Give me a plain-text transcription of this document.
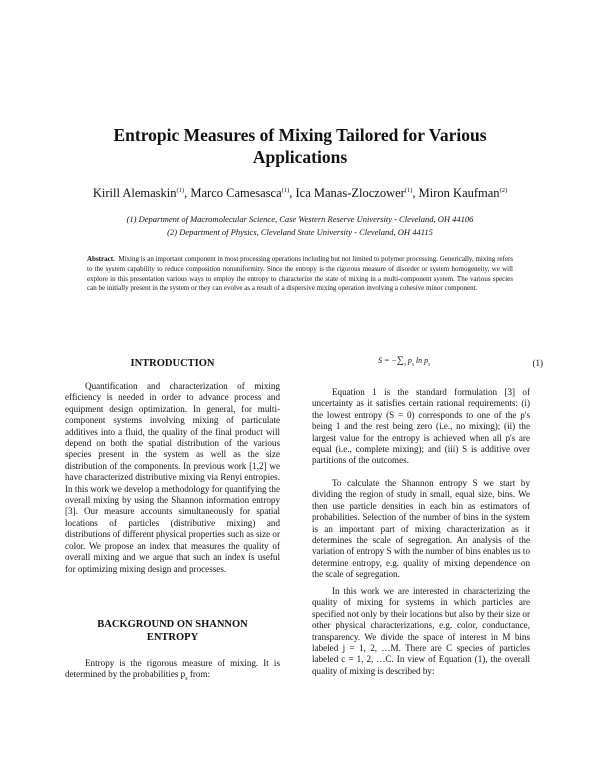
Entropic Measures of Mixing Tailored for Various
Applications
Kirill Alemaskin$^{(1)}$, Marco Camesasca$^{(1)}$, Ica Manas-Zloczower$^{(1)}$, Miron Kaufman$^{(2)}$
(1) Department of Macromolecular Science, Case Western Reserve University - Cleveland, OH 44106
(2) Department of Physics, Cleveland State University - Cleveland, OH 44115
Abstract. Mixing is an important component in most processing operations including but not limited to polymer processing. Generically, mixing refers to the system capability to reduce composition nonuniformity. Since the entropy is the rigorous measure of disorder or system homogeneity, we will explore in this presentation various ways to employ the entropy to characterize the state of mixing in a multi-component system. The various species can be initially present in the system or they can evolve as a result of a dispersive mixing operation involving a cohesive minor component.
INTRODUCTION

Quantification and characterization of mixing efficiency is needed in order to advance process and equipment design optimization. In general, for multi-component systems involving mixing of particulate additives into a fluid, the quality of the final product will depend on both the spatial distribution of the various species present in the system as well as the size distribution of the components. In previous work [1,2] we have characterized distributive mixing via Renyi entropies. In this work we develop a methodology for quantifying the overall mixing by using the Shannon information entropy [3]. Our measure accounts simultaneously for spatial locations of particles (distributive mixing) and distributions of different physical properties such as size or color. We propose an index that measures the quality of overall mixing and we argue that such an index is useful for optimizing mixing design and processes.

BACKGROUND ON SHANNON
ENTROPY

Entropy is the rigorous measure of mixing. It is determined by the probabilities $p_s$ from:

$S = -\sum_s$ $p_s$ $\ln p_s$	(1)

Equation 1 is the standard formulation [3] of uncertainty as it satisfies certain rational requirements: (i) the lowest entropy (S = 0) corresponds to one of the p's being 1 and the rest being zero (i.e., no mixing); (ii) the largest value for the entropy is achieved when all p's are equal (i.e., complete mixing); and (iii) S is additive over partitions of the outcomes.

To calculate the Shannon entropy S we start by dividing the region of study in small, equal size, bins. We then use particle densities in each bin as estimators of probabilities. Selection of the number of bins in the system is an important part of mixing characterization as it determines the scale of segregation. An analysis of the variation of entropy S with the number of bins enables us to determine entropy, e.g. quality of mixing dependence on the scale of segregation.

In this work we are interested in characterizing the quality of mixing for systems in which particles are specified not only by their locations but also by their size or other physical characterizations, e.g. color, conductance, transparency. We divide the space of interest in M bins labeled j = 1, 2, …M. There are C species of particles labeled c = 1, 2, …C. In view of Equation (1), the overall quality of mixing is described by:
